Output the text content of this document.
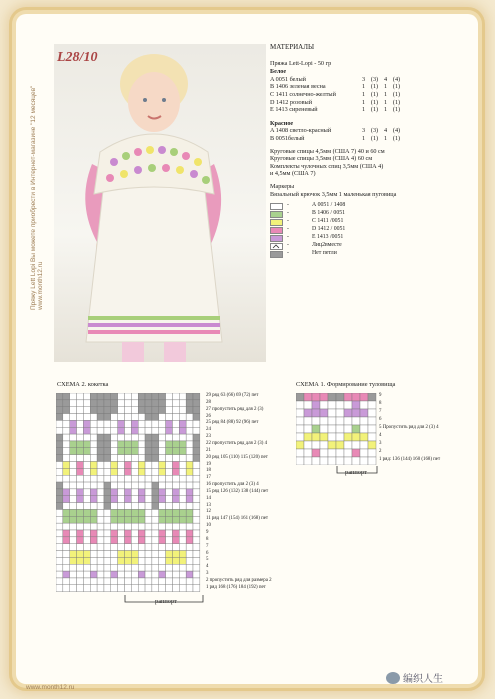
Пряжу Lett Lopi Вы можете приобрести в Интернет-магазине "12 месяцев" www.month12.ru
L28/10
МАТЕРИАЛЫ
Пряжа Lett-Lopi - 50 гр
Белое
A 0051 белый	3 (3) 4 (4)
B 1406 зеленая весна	1 (1) 1 (1)
C 1411 солнечно-желтый	1 (1) 1 (1)
D 1412 розовый	1 (1) 1 (1)
E 1413 сиреневый	1 (1) 1 (1)
Красное
A 1408 светло-красный	3 (3) 4 (4)
B 0051белый	1 (1) 1 (1)
Круговые спицы 4,5мм (США 7) 40 и 60 см
Круговые спицы 3,5мм (США 4) 60 см
Комплекты чулочных спиц 3,5мм (США 4)
и 4,5мм (США 7)
Маркеры
Вязальный крючок 3,5мм 1 маленькая пуговица
-	А 0051 / 1408
-	В 1406 / 0051
-	С 1411 /0051
-	D 1412 / 0051
-	Е 1413 /0051
-	Лиц2вместе
-	Нет петли
СХЕМА 2. кокетка
29 ряд 63 (66) 69 (72) пет
28
27 пропустить ряд для 2 (3)
26
25 ряд 84 (88) 92 (96) пет
24
23
22 пропустить ряд для 2 (3) 4
21
20 ряд 105 (110) 115 (120) пет
19
18
17
16 пропустить для 2 (3) 4
15 ряд 126 (132) 138 (144) пет
14
13
12
11 ряд 147 (154) 161 (168) пет
10
9
8
7
6
5
4
3
2 пропустить ряд для размера 2
1 ряд 168 (176) 184 (192) пет
раппорт
СХЕМА 1. Формирование туловища
9
8
7
6
5 Пропустить ряд для 2 (3) 4
4
3
2
1 ряд: 136 (144) 160 (168) пет
раппорт
www.month12.ru
编织人生
